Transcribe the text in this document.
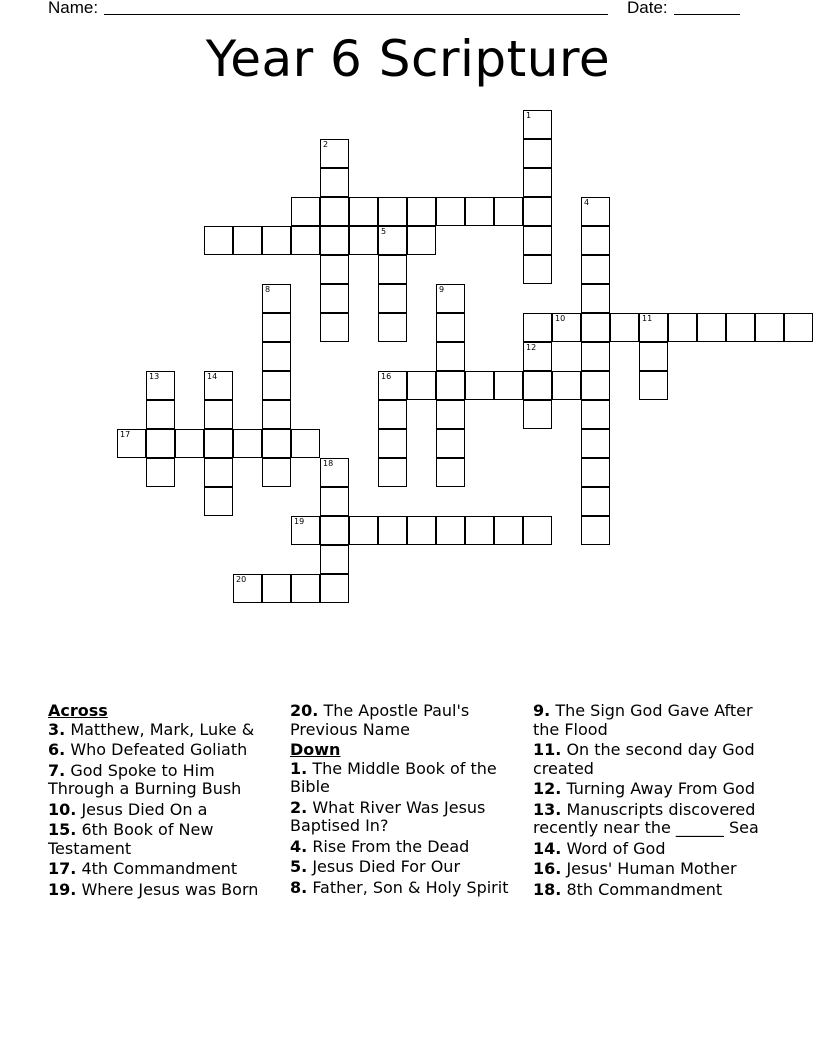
Name:	Date:
Year 6 Scripture
5
10	11
17
19
20
1
2
4
8	9
12
13	14	16
18
Across
3. Matthew, Mark, Luke &
6. Who Defeated Goliath
7. God Spoke to Him Through a Burning Bush
10. Jesus Died On a
15. 6th Book of New Testament
17. 4th Commandment
19. Where Jesus was Born
20. The Apostle Paul's Previous Name
Down
1. The Middle Book of the Bible
2. What River Was Jesus Baptised In?
4. Rise From the Dead
5. Jesus Died For Our
8. Father, Son & Holy Spirit
9. The Sign God Gave After the Flood
11. On the second day God created
12. Turning Away From God
13. Manuscripts discovered recently near the ______ Sea
14. Word of God
16. Jesus' Human Mother
18. 8th Commandment
